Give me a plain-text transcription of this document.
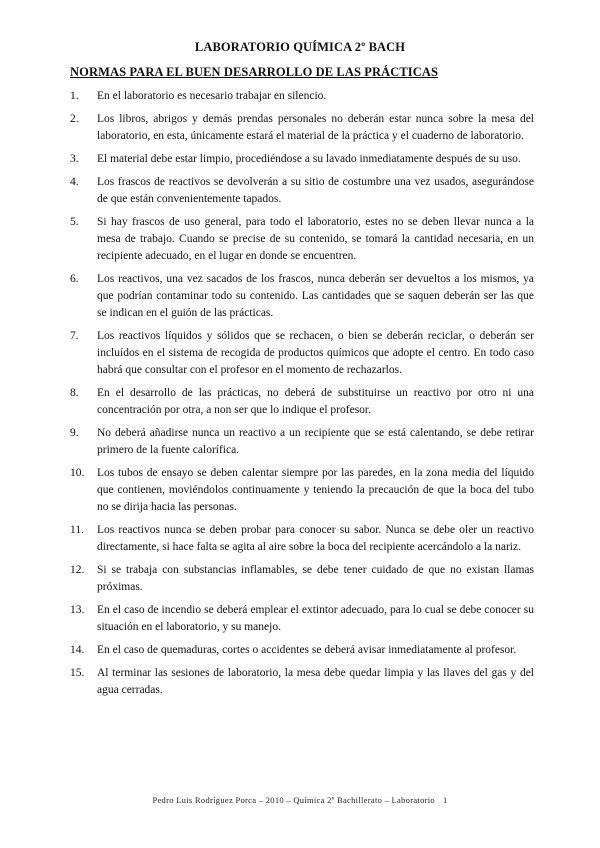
LABORATORIO QUÍMICA 2º BACH
NORMAS PARA EL BUEN DESARROLLO DE LAS PRÁCTICAS
1.	En el laboratorio es necesario trabajar en silencio.
2.	Los libros, abrigos y demás prendas personales no deberán estar nunca sobre la mesa del laboratorio, en esta, únicamente estará el material de la práctica y el cuaderno de laboratorio.
3.	El material debe estar limpio, procediéndose a su lavado inmediatamente después de su uso.
4.	Los frascos de reactivos se devolverán a su sitio de costumbre una vez usados, asegurándose de que están convenientemente tapados.
5.	Si hay frascos de uso general, para todo el laboratorio, estes no se deben llevar nunca a la mesa de trabajo. Cuando se precise de su contenido, se tomará la cantidad necesaria, en un recipiente adecuado, en el lugar en donde se encuentren.
6.	Los reactivos, una vez sacados de los frascos, nunca deberán ser devueltos a los mismos, ya que podrían contaminar todo su contenido. Las cantidades que se saquen deberán ser las que se indican en el guión de las prácticas.
7.	Los reactivos líquidos y sólidos que se rechacen, o bien se deberán reciclar, o deberán ser incluídos en el sistema de recogida de productos químicos que adopte el centro. En todo caso habrá que consultar con el profesor en el momento de rechazarlos.
8.	En el desarrollo de las prácticas, no deberá de substituirse un reactivo por otro ni una concentración por otra, a non ser que lo indique el profesor.
9.	No deberá añadirse nunca un reactivo a un recipiente que se está calentando, se debe retirar primero de la fuente calorífica.
10.	Los tubos de ensayo se deben calentar siempre por las paredes, en la zona media del líquido que contienen, moviéndolos continuamente y teniendo la precaución de que la boca del tubo no se dirija hacia las personas.
11.	Los reactivos nunca se deben probar para conocer su sabor. Nunca se debe oler un reactivo directamente, si hace falta se agita al aire sobre la boca del recipiente acercándolo a la nariz.
12.	Si se trabaja con substancias inflamables, se debe tener cuidado de que no existan llamas próximas.
13.	En el caso de incendio se deberá emplear el extintor adecuado, para lo cual se debe conocer su situación en el laboratorio, y su manejo.
14.	En el caso de quemaduras, cortes o accidentes se deberá avisar inmediatamente al profesor.
15.	Al terminar las sesiones de laboratorio, la mesa debe quedar limpia y las llaves del gas y del agua cerradas.
Pedro Luis Rodríguez Porca – 2010 – Química 2º Bachillerato – Laboratorio 1
